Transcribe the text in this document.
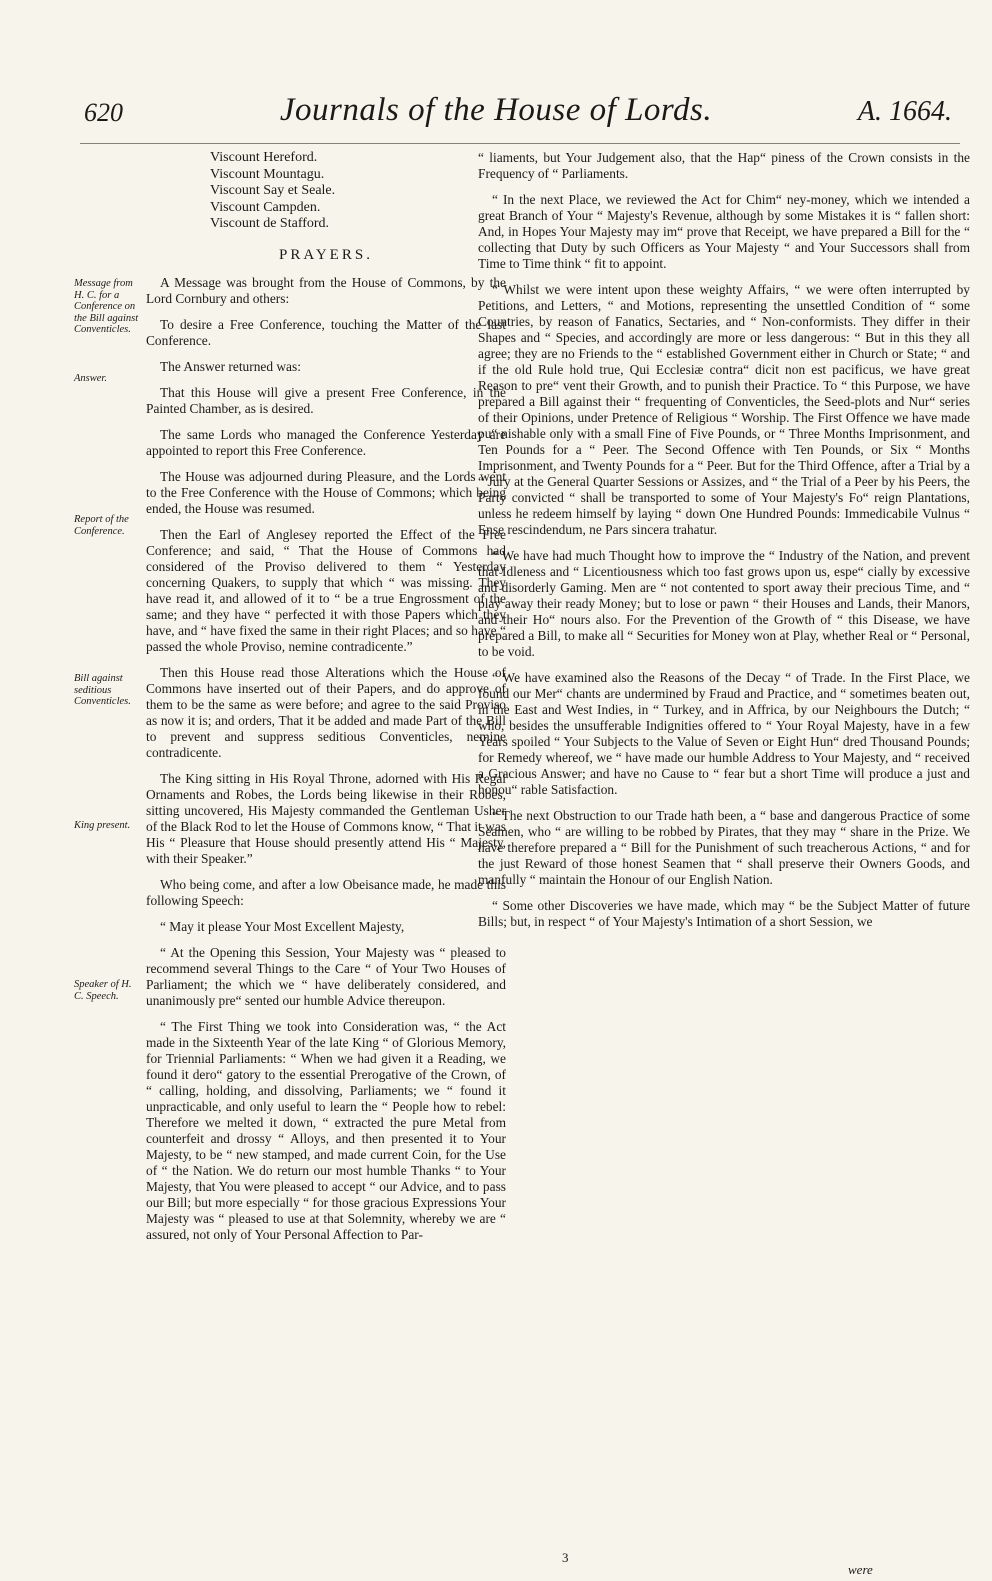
620	Journals of the House of Lords.	A. 1664.
Message from H. C. for a Conference on the Bill against Conventicles.
Answer.
Report of the Conference.
Bill against seditious Conventicles.
King present.
Speaker of H. C. Speech.
Viscount Hereford.
Viscount Mountagu.
Viscount Say et Seale.
Viscount Campden.
Viscount de Stafford.
PRAYERS.

A Message was brought from the House of Commons, by the Lord Cornbury and others:

To desire a Free Conference, touching the Matter of the last Conference.

The Answer returned was:

That this House will give a present Free Conference, in the Painted Chamber, as is desired.

The same Lords who managed the Conference Yesterday are appointed to report this Free Conference.

The House was adjourned during Pleasure, and the Lords went to the Free Conference with the House of Commons; which being ended, the House was resumed.

Then the Earl of Anglesey reported the Effect of the Free Conference; and said, “ That the House of Commons had considered of the Proviso delivered to them “ Yesterday concerning Quakers, to supply that which “ was missing. They have read it, and allowed of it to “ be a true Engrossment of the same; and they have “ perfected it with those Papers which they have, and “ have fixed the same in their right Places; and so have “ passed the whole Proviso, nemine contradicente.”

Then this House read those Alterations which the House of Commons have inserted out of their Papers, and do approve of them to be the same as were before; and agree to the said Proviso as now it is; and orders, That it be added and made Part of the Bill to prevent and suppress seditious Conventicles, nemine contradicente.

The King sitting in His Royal Throne, adorned with His Regal Ornaments and Robes, the Lords being likewise in their Robes, sitting uncovered, His Majesty commanded the Gentleman Usher of the Black Rod to let the House of Commons know, “ That it was His “ Pleasure that House should presently attend His “ Majesty, with their Speaker.”

Who being come, and after a low Obeisance made, he made this following Speech:

“ May it please Your Most Excellent Majesty,

“ At the Opening this Session, Your Majesty was “ pleased to recommend several Things to the Care “ of Your Two Houses of Parliament; the which we “ have deliberately considered, and unanimously pre“ sented our humble Advice thereupon.

“ The First Thing we took into Consideration was, “ the Act made in the Sixteenth Year of the late King “ of Glorious Memory, for Triennial Parliaments: “ When we had given it a Reading, we found it dero“ gatory to the essential Prerogative of the Crown, of “ calling, holding, and dissolving, Parliaments; we “ found it unpracticable, and only useful to learn the “ People how to rebel: Therefore we melted it down, “ extracted the pure Metal from counterfeit and drossy “ Alloys, and then presented it to Your Majesty, to be “ new stamped, and made current Coin, for the Use of “ the Nation. We do return our most humble Thanks “ to Your Majesty, that You were pleased to accept “ our Advice, and to pass our Bill; but more especially “ for those gracious Expressions Your Majesty was “ pleased to use at that Solemnity, whereby we are “ assured, not only of Your Personal Affection to Par-

“ liaments, but Your Judgement also, that the Hap“ piness of the Crown consists in the Frequency of “ Parliaments.

“ In the next Place, we reviewed the Act for Chim“ ney-money, which we intended a great Branch of Your “ Majesty's Revenue, although by some Mistakes it is “ fallen short: And, in Hopes Your Majesty may im“ prove that Receipt, we have prepared a Bill for the “ collecting that Duty by such Officers as Your Majesty “ and Your Successors shall from Time to Time think “ fit to appoint.

“ Whilst we were intent upon these weighty Affairs, “ we were often interrupted by Petitions, and Letters, “ and Motions, representing the unsettled Condition of “ some Countries, by reason of Fanatics, Sectaries, and “ Non-conformists. They differ in their Shapes and “ Species, and accordingly are more or less dangerous: “ But in this they all agree; they are no Friends to the “ established Government either in Church or State; “ and if the old Rule hold true, Qui Ecclesiæ contra“ dicit non est pacificus, we have great Reason to pre“ vent their Growth, and to punish their Practice. To “ this Purpose, we have prepared a Bill against their “ frequenting of Conventicles, the Seed-plots and Nur“ series of their Opinions, under Pretence of Religious “ Worship. The First Offence we have made pu“ nishable only with a small Fine of Five Pounds, or “ Three Months Imprisonment, and Ten Pounds for a “ Peer. The Second Offence with Ten Pounds, or Six “ Months Imprisonment, and Twenty Pounds for a “ Peer. But for the Third Offence, after a Trial by a “ Jury at the General Quarter Sessions or Assizes, and “ the Trial of a Peer by his Peers, the Party convicted “ shall be transported to some of Your Majesty's Fo“ reign Plantations, unless he redeem himself by laying “ down One Hundred Pounds: Immedicabile Vulnus “ Ense rescindendum, ne Pars sincera trahatur.

“ We have had much Thought how to improve the “ Industry of the Nation, and prevent that Idleness and “ Licentiousness which too fast grows upon us, espe“ cially by excessive and disorderly Gaming. Men are “ not contented to sport away their precious Time, and “ play away their ready Money; but to lose or pawn “ their Houses and Lands, their Manors, and their Ho“ nours also. For the Prevention of the Growth of “ this Disease, we have prepared a Bill, to make all “ Securities for Money won at Play, whether Real or “ Personal, to be void.

“ We have examined also the Reasons of the Decay “ of Trade. In the First Place, we found our Mer“ chants are undermined by Fraud and Practice, and “ sometimes beaten out, in the East and West Indies, in “ Turkey, and in Affrica, by our Neighbours the Dutch; “ who, besides the unsufferable Indignities offered to “ Your Royal Majesty, have in a few Years spoiled “ Your Subjects to the Value of Seven or Eight Hun“ dred Thousand Pounds; for Remedy whereof, we “ have made our humble Address to Your Majesty, and “ received a Gracious Answer; and have no Cause to “ fear but a short Time will produce a just and honou“ rable Satisfaction.

“ The next Obstruction to our Trade hath been, a “ base and dangerous Practice of some Seamen, who “ are willing to be robbed by Pirates, that they may “ share in the Prize. We have therefore prepared a “ Bill for the Punishment of such treacherous Actions, “ and for the just Reward of those honest Seamen that “ shall preserve their Owners Goods, and manfully “ maintain the Honour of our English Nation.

“ Some other Discoveries we have made, which may “ be the Subject Matter of future Bills; but, in respect “ of Your Majesty's Intimation of a short Session, we

3
were
